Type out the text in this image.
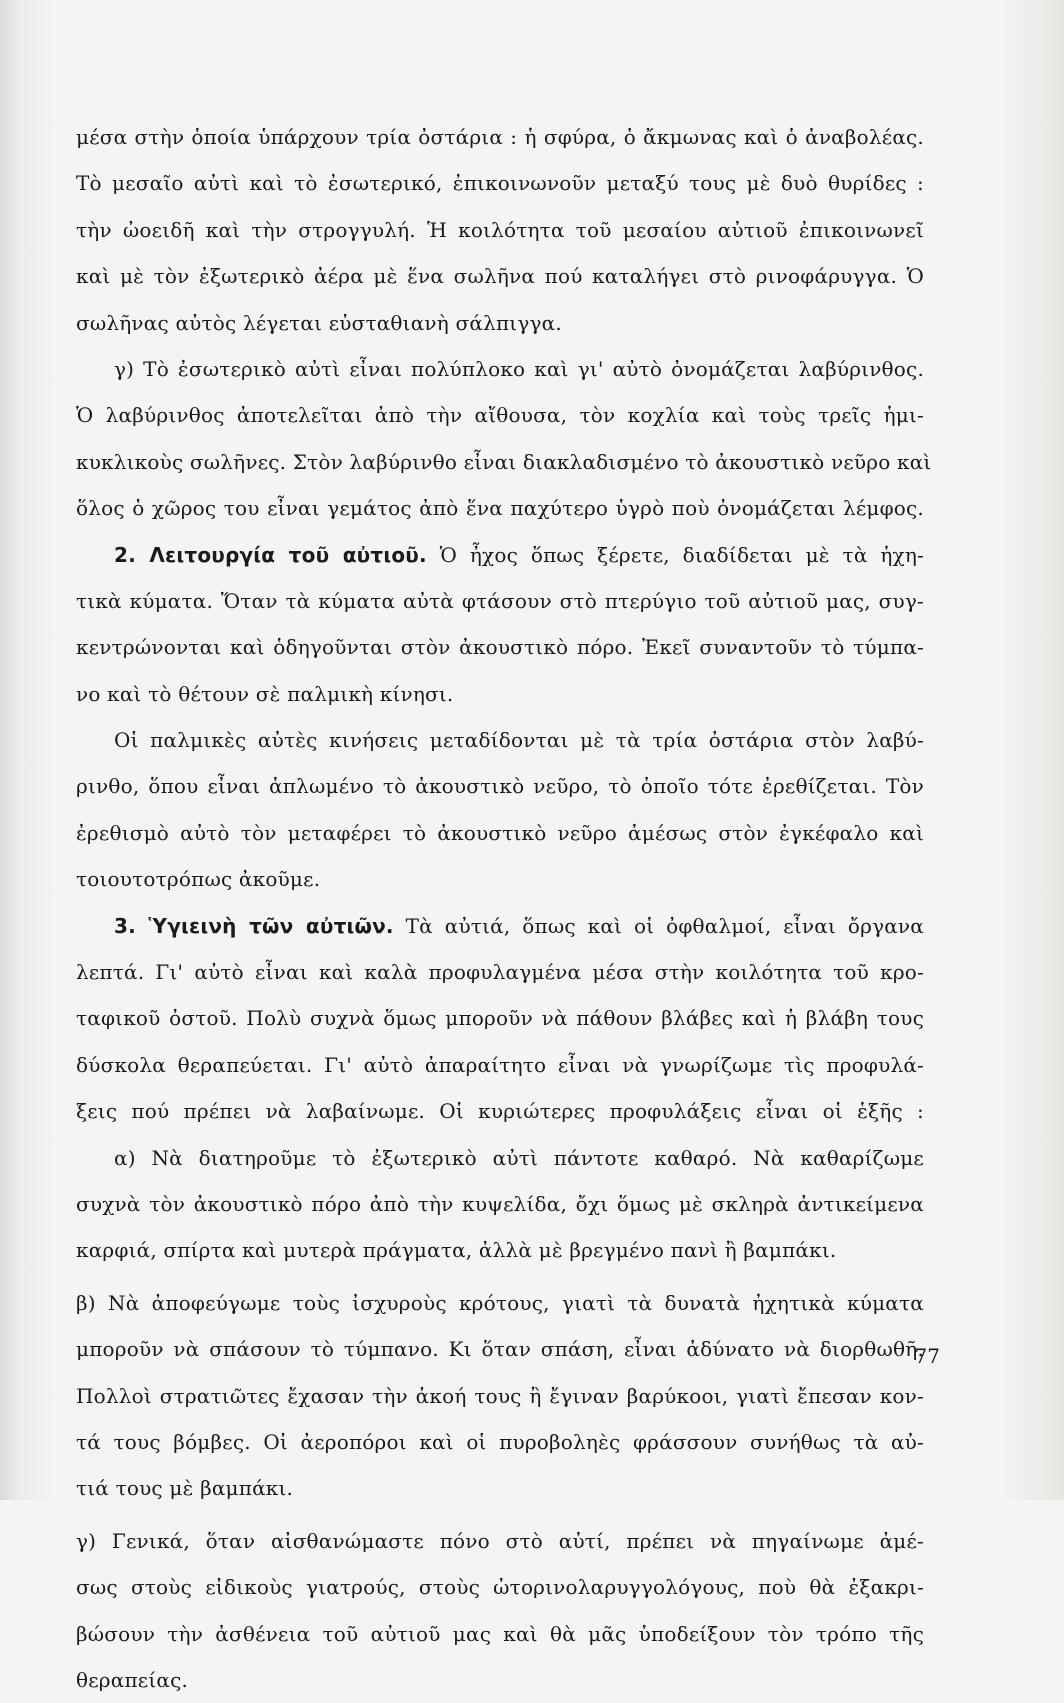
μέσα στὴν ὁποία ὑπάρχουν τρία ὀστάρια : ἡ σφύρα, ὁ ἄκμωνας καὶ ὁ ἀναβολέας.
Τὸ μεσαῖο αὐτὶ καὶ τὸ ἐσωτερικό, ἐπικοινωνοῦν μεταξύ τους μὲ δυὸ θυρίδες :
τὴν ὠοειδῆ καὶ τὴν στρογγυλή. Ἡ κοιλότητα τοῦ μεσαίου αὐτιοῦ ἐπικοινωνεῖ
καὶ μὲ τὸν ἐξωτερικὸ ἀέρα μὲ ἕνα σωλῆνα πού καταλήγει στὸ ρινοφάρυγγα. Ὁ
σωλῆνας αὐτὸς λέγεται εὐσταθιανὴ σάλπιγγα.
γ) Τὸ ἐσωτερικὸ αὐτὶ εἶναι πολύπλοκο καὶ γι' αὐτὸ ὀνομάζεται λαβύρινθος.
Ὁ λαβύρινθος ἀποτελεῖται ἀπὸ τὴν αἴθουσα, τὸν κοχλία καὶ τοὺς τρεῖς ἡμι-
κυκλικοὺς σωλῆνες. Στὸν λαβύρινθο εἶναι διακλαδισμένο τὸ ἀκουστικὸ νεῦρο καὶ
ὅλος ὁ χῶρος του εἶναι γεμάτος ἀπὸ ἕνα παχύτερο ὑγρὸ ποὺ ὀνομάζεται λέμφος.
2. Λειτουργία τοῦ αὐτιοῦ. Ὁ ἦχος ὅπως ξέρετε, διαδίδεται μὲ τὰ ἠχη-
τικὰ κύματα. Ὅταν τὰ κύματα αὐτὰ φτάσουν στὸ πτερύγιο τοῦ αὐτιοῦ μας, συγ-
κεντρώνονται καὶ ὁδηγοῦνται στὸν ἀκουστικὸ πόρο. Ἐκεῖ συναντοῦν τὸ τύμπα-
νο καὶ τὸ θέτουν σὲ παλμικὴ κίνησι.
Οἱ παλμικὲς αὐτὲς κινήσεις μεταδίδονται μὲ τὰ τρία ὀστάρια στὸν λαβύ-
ρινθο, ὅπου εἶναι ἁπλωμένο τὸ ἀκουστικὸ νεῦρο, τὸ ὁποῖο τότε ἐρεθίζεται. Τὸν
ἐρεθισμὸ αὐτὸ τὸν μεταφέρει τὸ ἀκουστικὸ νεῦρο ἀμέσως στὸν ἐγκέφαλο καὶ
τοιουτοτρόπως ἀκοῦμε.
3. Ὑγιεινὴ τῶν αὐτιῶν. Τὰ αὐτιά, ὅπως καὶ οἱ ὀφθαλμοί, εἶναι ὄργανα
λεπτά. Γι' αὐτὸ εἶναι καὶ καλὰ προφυλαγμένα μέσα στὴν κοιλότητα τοῦ κρο-
ταφικοῦ ὀστοῦ. Πολὺ συχνὰ ὅμως μποροῦν νὰ πάθουν βλάβες καὶ ἡ βλάβη τους
δύσκολα θεραπεύεται. Γι' αὐτὸ ἀπαραίτητο εἶναι νὰ γνωρίζωμε τὶς προφυλά-
ξεις πού πρέπει νὰ λαβαίνωμε. Οἱ κυριώτερες προφυλάξεις εἶναι οἱ ἑξῆς :
α) Νὰ διατηροῦμε τὸ ἐξωτερικὸ αὐτὶ πάντοτε καθαρό. Νὰ καθαρίζωμε
συχνὰ τὸν ἀκουστικὸ πόρο ἀπὸ τὴν κυψελίδα, ὄχι ὅμως μὲ σκληρὰ ἀντικείμενα
καρφιά, σπίρτα καὶ μυτερὰ πράγματα, ἀλλὰ μὲ βρεγμένο πανὶ ἢ βαμπάκι.
β) Νὰ ἀποφεύγωμε τοὺς ἰσχυροὺς κρότους, γιατὶ τὰ δυνατὰ ἠχητικὰ κύματα
μποροῦν νὰ σπάσουν τὸ τύμπανο. Κι ὅταν σπάση, εἶναι ἀδύνατο νὰ διορθωθῆ.
Πολλοὶ στρατιῶτες ἔχασαν τὴν ἀκοή τους ἢ ἔγιναν βαρύκοοι, γιατὶ ἔπεσαν κον-
τά τους βόμβες. Οἱ ἀεροπόροι καὶ οἱ πυροβοληὲς φράσσουν συνήθως τὰ αὐ-
τιά τους μὲ βαμπάκι.
γ) Γενικά, ὅταν αἰσθανώμαστε πόνο στὸ αὐτί, πρέπει νὰ πηγαίνωμε ἀμέ-
σως στοὺς εἰδικοὺς γιατρούς, στοὺς ὠτορινολαρυγγολόγους, ποὺ θὰ ἐξακρι-
βώσουν τὴν ἀσθένεια τοῦ αὐτιοῦ μας καὶ θὰ μᾶς ὑποδείξουν τὸν τρόπο τῆς
θεραπείας.
77
